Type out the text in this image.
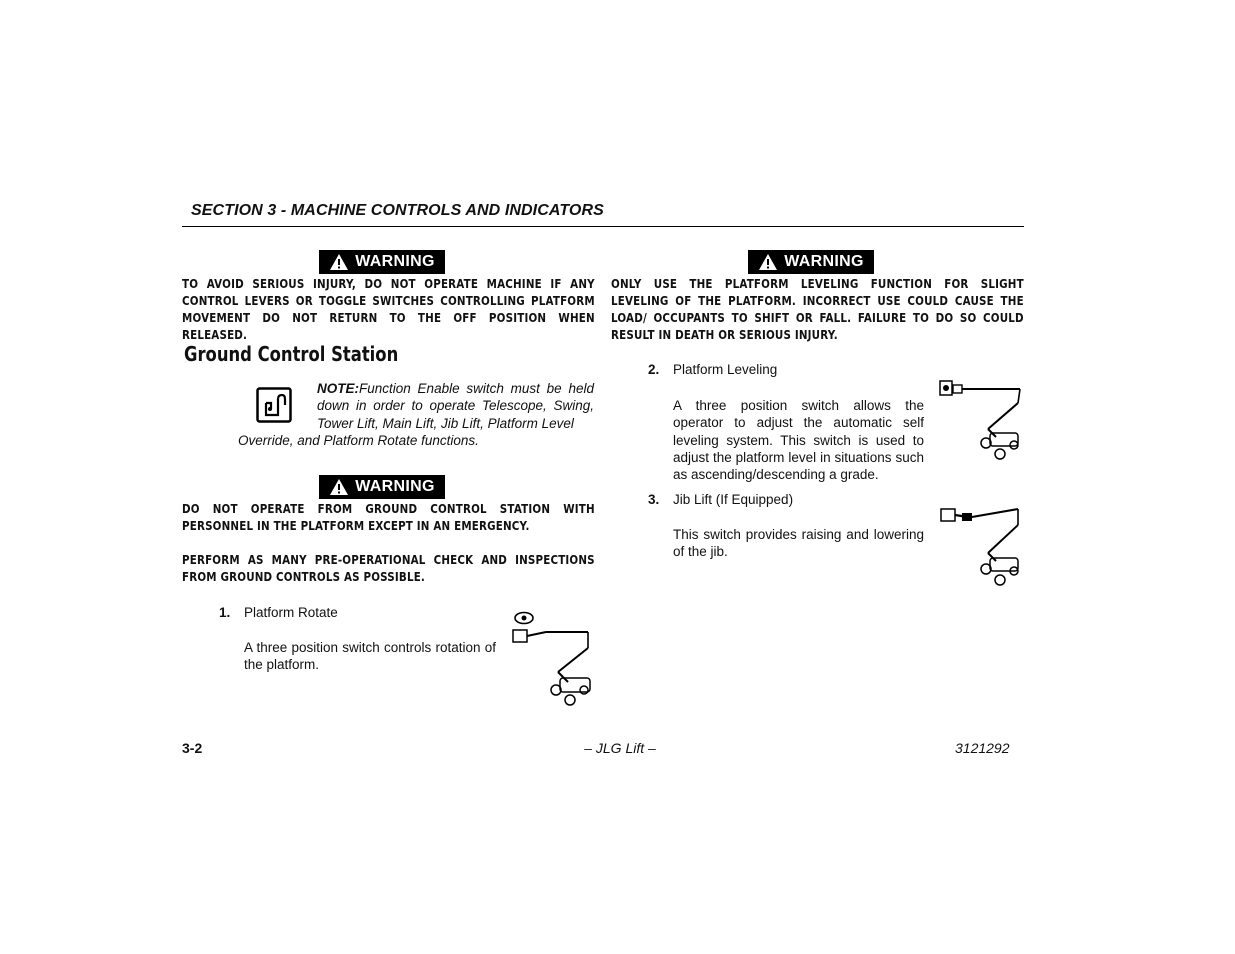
SECTION 3 - MACHINE CONTROLS AND INDICATORS
WARNING
TO AVOID SERIOUS INJURY, DO NOT OPERATE MACHINE IF ANY CONTROL LEVERS OR TOGGLE SWITCHES CONTROLLING PLATFORM MOVEMENT DO NOT RETURN TO THE OFF POSITION WHEN RELEASED.
Ground Control Station
NOTE:Function Enable switch must be held down in order to operate Telescope, Swing, Tower Lift, Main Lift, Jib Lift, Platform Level
Override, and Platform Rotate functions.
WARNING
DO NOT OPERATE FROM GROUND CONTROL STATION WITH PERSONNEL IN THE PLATFORM EXCEPT IN AN EMERGENCY.
PERFORM AS MANY PRE-OPERATIONAL CHECK AND INSPECTIONS FROM GROUND CONTROLS AS POSSIBLE.
1. Platform Rotate
A three position switch controls rotation of the platform.
WARNING
ONLY USE THE PLATFORM LEVELING FUNCTION FOR SLIGHT LEVELING OF THE PLATFORM. INCORRECT USE COULD CAUSE THE LOAD/ OCCUPANTS TO SHIFT OR FALL. FAILURE TO DO SO COULD RESULT IN DEATH OR SERIOUS INJURY.
2. Platform Leveling
A three position switch allows the operator to adjust the automatic self leveling system. This switch is used to adjust the platform level in situations such as ascending/descending a grade.
3. Jib Lift (If Equipped)
This switch provides raising and lowering of the jib.
3-2	– JLG Lift –	3121292
